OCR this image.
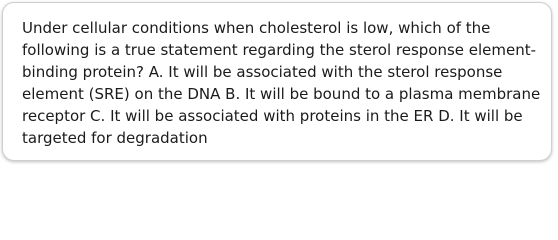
Under cellular conditions when cholesterol is low, which of the following is a true statement regarding the sterol response element-binding protein? A. It will be associated with the sterol response element (SRE) on the DNA B. It will be bound to a plasma membrane receptor C. It will be associated with proteins in the ER D. It will be targeted for degradation
